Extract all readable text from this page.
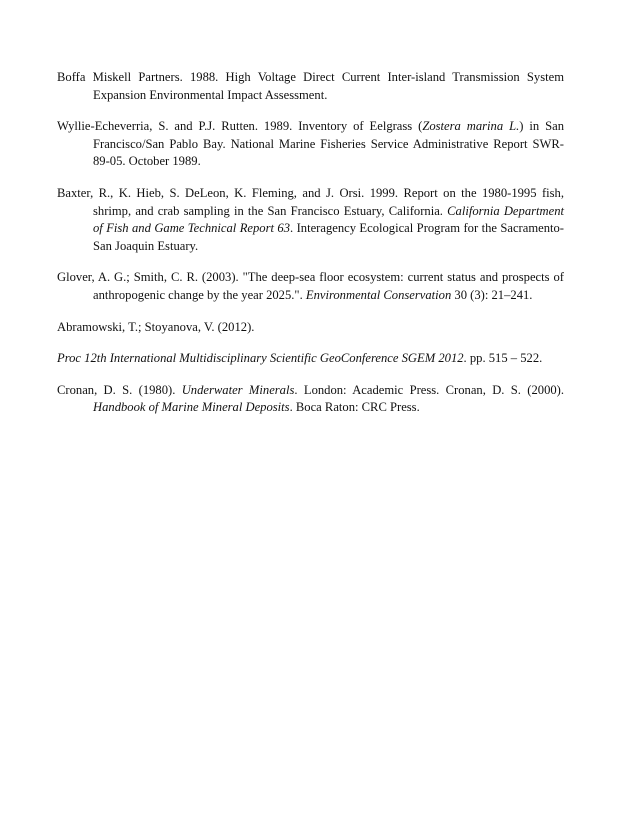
Boffa Miskell Partners. 1988. High Voltage Direct Current Inter-island Transmission System Expansion Environmental Impact Assessment.

Wyllie-Echeverria, S. and P.J. Rutten. 1989. Inventory of Eelgrass (Zostera marina L.) in San Francisco/San Pablo Bay. National Marine Fisheries Service Administrative Report SWR-89-05. October 1989.

Baxter, R., K. Hieb, S. DeLeon, K. Fleming, and J. Orsi. 1999. Report on the 1980-1995 fish, shrimp, and crab sampling in the San Francisco Estuary, California. California Department of Fish and Game Technical Report 63. Interagency Ecological Program for the Sacramento-San Joaquin Estuary.

Glover, A. G.; Smith, C. R. (2003). "The deep-sea floor ecosystem: current status and prospects of anthropogenic change by the year 2025.". Environmental Conservation 30 (3): 21–241.

Abramowski, T.; Stoyanova, V. (2012).

Proc 12th International Multidisciplinary Scientific GeoConference SGEM 2012. pp. 515 – 522.

Cronan, D. S. (1980). Underwater Minerals. London: Academic Press. Cronan, D. S. (2000). Handbook of Marine Mineral Deposits. Boca Raton: CRC Press.
